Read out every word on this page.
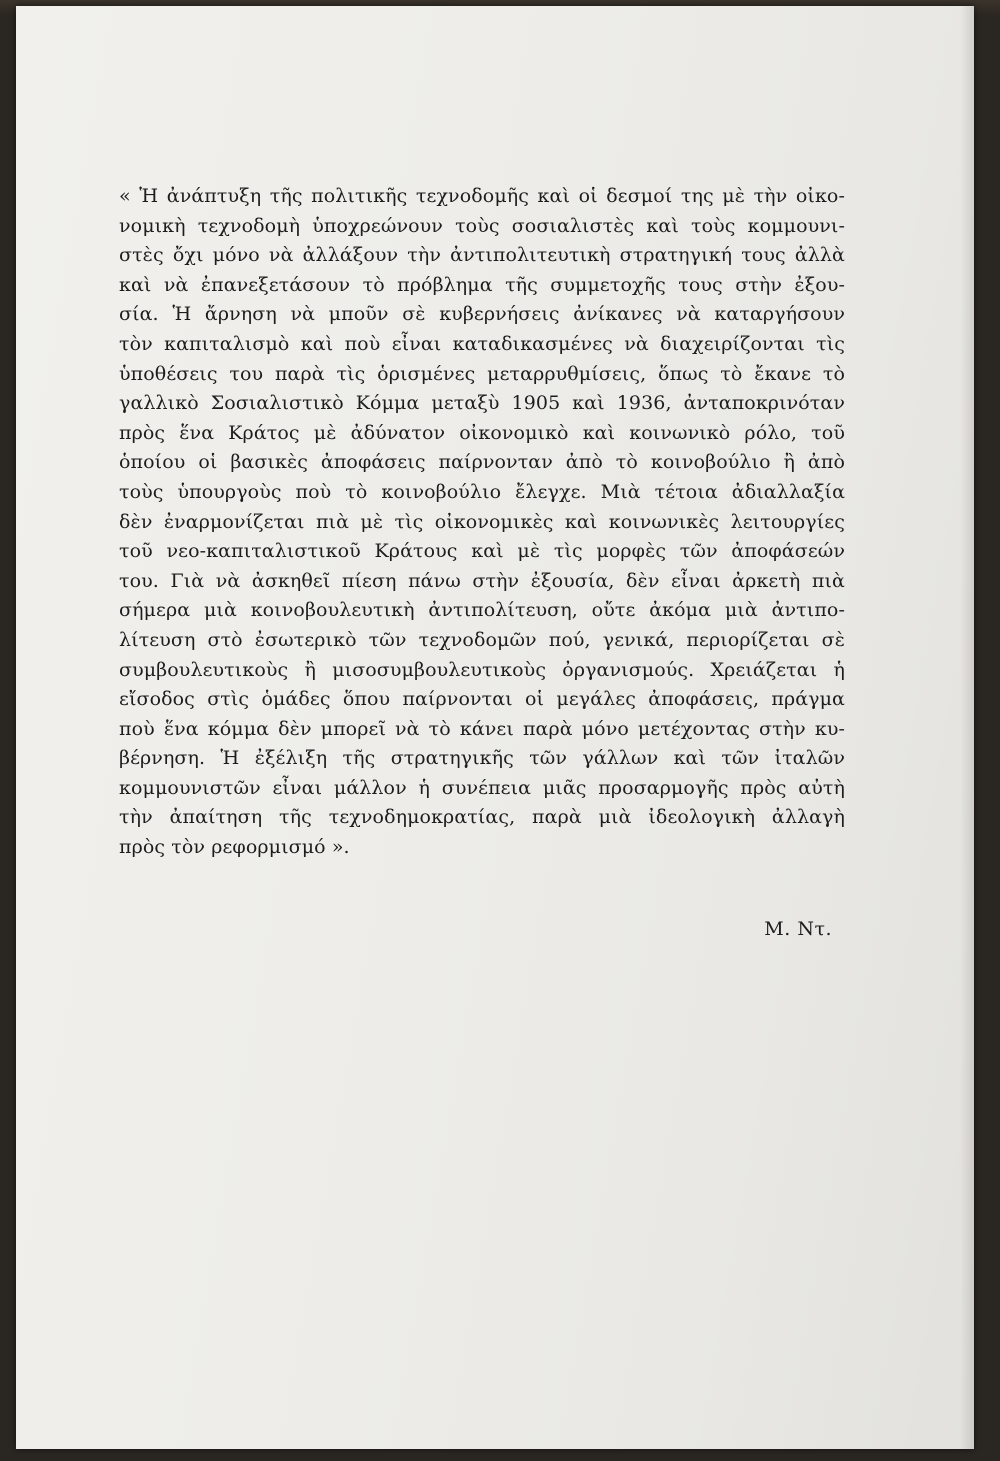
« Ἡ ἀνάπτυξη τῆς πολιτικῆς τεχνοδομῆς καὶ οἱ δεσμοί της μὲ τὴν οἰκο-
νομικὴ τεχνοδομὴ ὑποχρεώνουν τοὺς σοσιαλιστὲς καὶ τοὺς κομμουνι-
στὲς ὄχι μόνο νὰ ἀλλάξουν τὴν ἀντιπολιτευτικὴ στρατηγική τους ἀλλὰ
καὶ νὰ ἐπανεξετάσουν τὸ πρόβλημα τῆς συμμετοχῆς τους στὴν ἐξου-
σία. Ἡ ἄρνηση νὰ μποῦν σὲ κυβερνήσεις ἀνίκανες νὰ καταργήσουν
τὸν καπιταλισμὸ καὶ ποὺ εἶναι καταδικασμένες νὰ διαχειρίζονται τὶς
ὑποθέσεις του παρὰ τὶς ὁρισμένες μεταρρυθμίσεις, ὅπως τὸ ἔκανε τὸ
γαλλικὸ Σοσιαλιστικὸ Κόμμα μεταξὺ 1905 καὶ 1936, ἀνταποκρινόταν
πρὸς ἕνα Κράτος μὲ ἀδύνατον οἰκονομικὸ καὶ κοινωνικὸ ρόλο, τοῦ
ὁποίου οἱ βασικὲς ἀποφάσεις παίρνονταν ἀπὸ τὸ κοινοβούλιο ἢ ἀπὸ
τοὺς ὑπουργοὺς ποὺ τὸ κοινοβούλιο ἔλεγχε. Μιὰ τέτοια ἀδιαλλαξία
δὲν ἐναρμονίζεται πιὰ μὲ τὶς οἰκονομικὲς καὶ κοινωνικὲς λειτουργίες
τοῦ νεο-καπιταλιστικοῦ Κράτους καὶ μὲ τὶς μορφὲς τῶν ἀποφάσεών
του. Γιὰ νὰ ἀσκηθεῖ πίεση πάνω στὴν ἐξουσία, δὲν εἶναι ἀρκετὴ πιὰ
σήμερα μιὰ κοινοβουλευτικὴ ἀντιπολίτευση, οὔτε ἀκόμα μιὰ ἀντιπο-
λίτευση στὸ ἐσωτερικὸ τῶν τεχνοδομῶν πού, γενικά, περιορίζεται σὲ
συμβουλευτικοὺς ἢ μισοσυμβουλευτικοὺς ὀργανισμούς. Χρειάζεται ἡ
εἴσοδος στὶς ὁμάδες ὅπου παίρνονται οἱ μεγάλες ἀποφάσεις, πράγμα
ποὺ ἕνα κόμμα δὲν μπορεῖ νὰ τὸ κάνει παρὰ μόνο μετέχοντας στὴν κυ-
βέρνηση. Ἡ ἐξέλιξη τῆς στρατηγικῆς τῶν γάλλων καὶ τῶν ἰταλῶν
κομμουνιστῶν εἶναι μάλλον ἡ συνέπεια μιᾶς προσαρμογῆς πρὸς αὐτὴ
τὴν ἀπαίτηση τῆς τεχνοδημοκρατίας, παρὰ μιὰ ἰδεολογικὴ ἀλλαγὴ
πρὸς τὸν ρεφορμισμό ».
Μ. Ντ.
